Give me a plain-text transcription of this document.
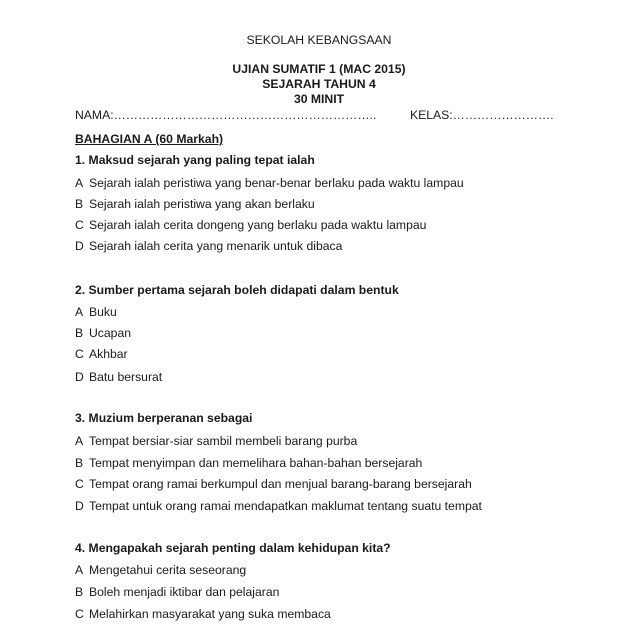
SEKOLAH KEBANGSAAN
UJIAN SUMATIF 1 (MAC 2015)
SEJARAH TAHUN 4
30 MINIT
NAMA:………………………………………………………..	KELAS:…………………….
BAHAGIAN A (60 Markah)
1. Maksud sejarah yang paling tepat ialah
A Sejarah ialah peristiwa yang benar-benar berlaku pada waktu lampau
B Sejarah ialah peristiwa yang akan berlaku
C Sejarah ialah cerita dongeng yang berlaku pada waktu lampau
D Sejarah ialah cerita yang menarik untuk dibaca
2. Sumber pertama sejarah boleh didapati dalam bentuk
A Buku
B Ucapan
C Akhbar
D Batu bersurat
3. Muzium berperanan sebagai
A Tempat bersiar-siar sambil membeli barang purba
B Tempat menyimpan dan memelihara bahan-bahan bersejarah
C Tempat orang ramai berkumpul dan menjual barang-barang bersejarah
D Tempat untuk orang ramai mendapatkan maklumat tentang suatu tempat
4. Mengapakah sejarah penting dalam kehidupan kita?
A Mengetahui cerita seseorang
B Boleh menjadi iktibar dan pelajaran
C Melahirkan masyarakat yang suka membaca
